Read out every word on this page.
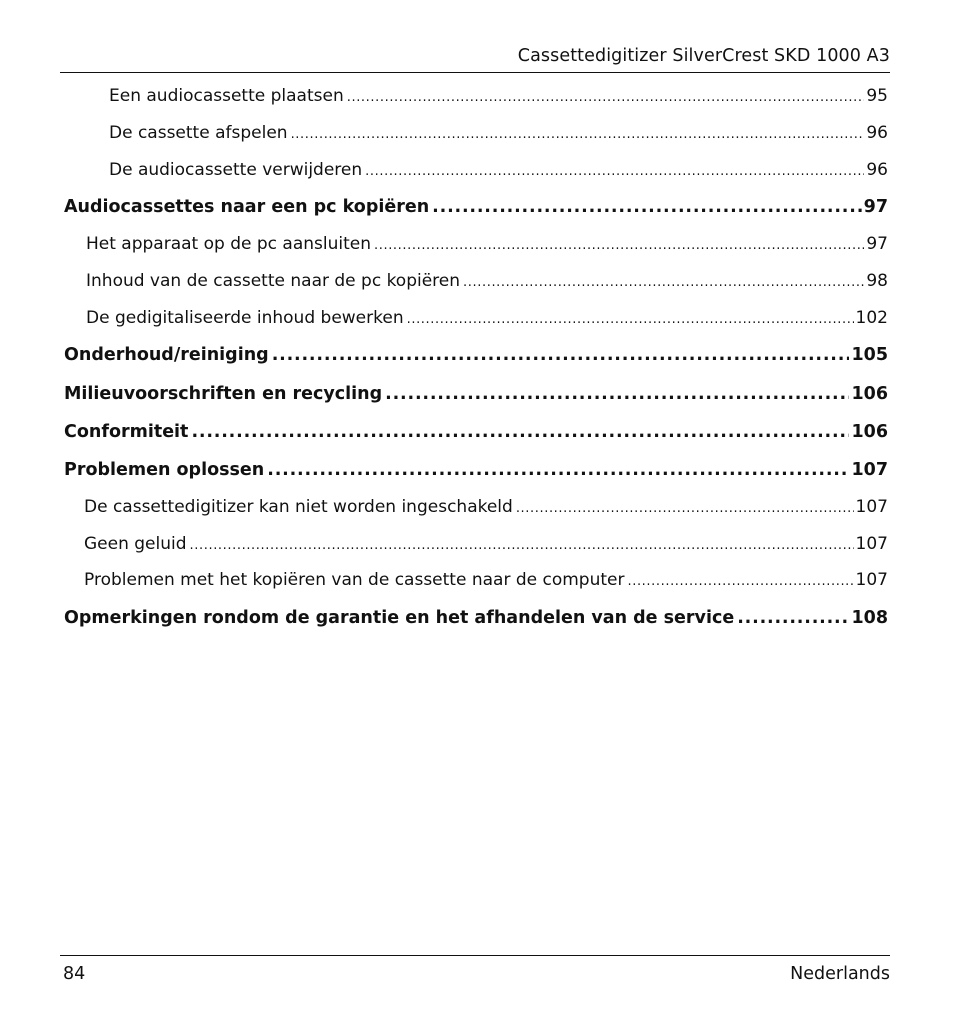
Cassettedigitizer SilverCrest SKD 1000 A3
Een audiocassette plaatsen .....	95
De cassette afspelen .....	96
De audiocassette verwijderen .....	96
Audiocassettes naar een pc kopiëren .....	97
Het apparaat op de pc aansluiten .....	97
Inhoud van de cassette naar de pc kopiëren .....	98
De gedigitaliseerde inhoud bewerken .....	102
Onderhoud/reiniging .....	105
Milieuvoorschriften en recycling .....	106
Conformiteit .....	106
Problemen oplossen .....	107
De cassettedigitizer kan niet worden ingeschakeld .....	107
Geen geluid .....	107
Problemen met het kopiëren van de cassette naar de computer .....	107
Opmerkingen rondom de garantie en het afhandelen van de service .....	108
84	Nederlands
